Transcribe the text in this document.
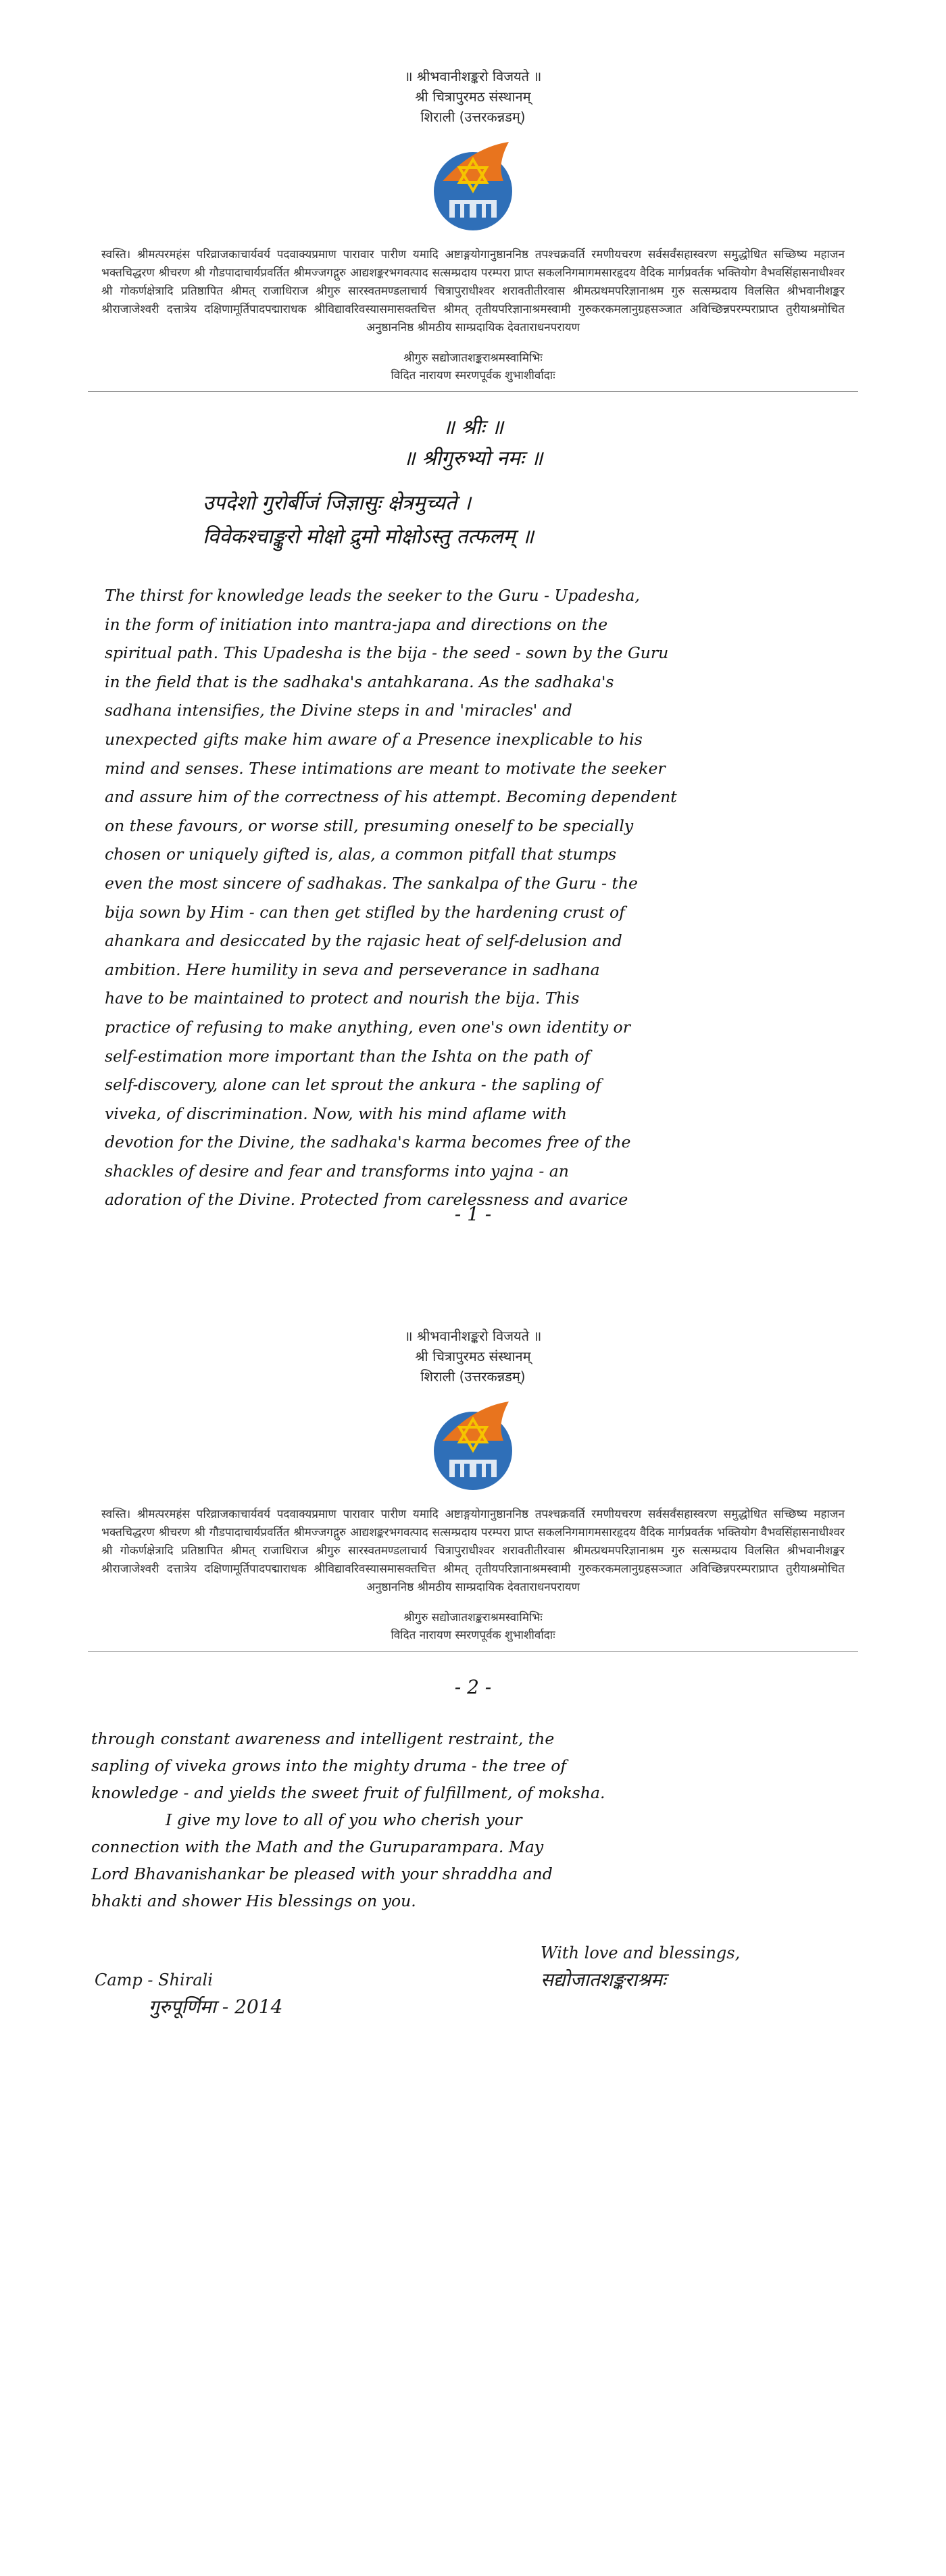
॥ श्रीभवानीशङ्करो विजयते ॥
श्री चित्रापुरमठ संस्थानम्
शिराली (उत्तरकन्नडम्)
स्वस्ति। श्रीमत्परमहंस परिव्राजकाचार्यवर्य पदवाक्यप्रमाण पारावार पारीण यमादि अष्टाङ्गयोगानुष्ठाननिष्ठ तपश्चक्रवर्ति रमणीयचरण सर्वसर्वंसहास्वरण समुद्धोधित सच्छिष्य महाजन भक्तचिद्धरण श्रीचरण श्री गौडपादाचार्यप्रवर्तित श्रीमज्जगद्गुरु आद्यशङ्करभगवत्पाद सत्सम्प्रदाय परम्परा प्राप्त सकलनिगमागमसारहृदय वैदिक मार्गप्रवर्तक भक्तियोग वैभवसिंहासनाधीश्वर श्री गोकर्णक्षेत्रादि प्रतिष्ठापित श्रीमत् राजाधिराज श्रीगुरु सारस्वतमण्डलाचार्य चित्रापुराधीश्वर शरावतीतीरवास श्रीमत्प्रथमपरिज्ञानाश्रम गुरु सत्सम्प्रदाय विलसित श्रीभवानीशङ्कर श्रीराजाजेश्वरी दत्तात्रेय दक्षिणामूर्तिपादपद्माराधक श्रीविद्यावरिवस्यासमासक्तचित्त श्रीमत् तृतीयपरिज्ञानाश्रमस्वामी गुरुकरकमलानुग्रहसञ्जात अविच्छिन्नपरम्पराप्राप्त तुरीयाश्रमोचित अनुष्ठाननिष्ठ श्रीमठीय साम्प्रदायिक देवताराधनपरायण
श्रीगुरु सद्योजातशङ्कराश्रमस्वामिभिः
विदित नारायण स्मरणपूर्वक शुभाशीर्वादाः
॥ श्रीः ॥
॥ श्रीगुरुभ्यो नमः ॥
उपदेशो गुरोर्बीजं जिज्ञासुः क्षेत्रमुच्यते ।
विवेकश्चाङ्कुरो मोक्षो द्रुमो मोक्षोऽस्तु तत्फलम् ॥
The thirst for knowledge leads the seeker to the Guru - Upadesha,
in the form of initiation into mantra-japa and directions on the
spiritual path. This Upadesha is the bija - the seed - sown by the Guru
in the field that is the sadhaka's antahkarana. As the sadhaka's
sadhana intensifies, the Divine steps in and 'miracles' and
unexpected gifts make him aware of a Presence inexplicable to his
mind and senses. These intimations are meant to motivate the seeker
and assure him of the correctness of his attempt. Becoming dependent
on these favours, or worse still, presuming oneself to be specially
chosen or uniquely gifted is, alas, a common pitfall that stumps
even the most sincere of sadhakas. The sankalpa of the Guru - the
bija sown by Him - can then get stifled by the hardening crust of
ahankara and desiccated by the rajasic heat of self-delusion and
ambition. Here humility in seva and perseverance in sadhana
have to be maintained to protect and nourish the bija. This
practice of refusing to make anything, even one's own identity or
self-estimation more important than the Ishta on the path of
self-discovery, alone can let sprout the ankura - the sapling of
viveka, of discrimination. Now, with his mind aflame with
devotion for the Divine, the sadhaka's karma becomes free of the
shackles of desire and fear and transforms into yajna - an
adoration of the Divine. Protected from carelessness and avarice
- 1 -
॥ श्रीभवानीशङ्करो विजयते ॥
श्री चित्रापुरमठ संस्थानम्
शिराली (उत्तरकन्नडम्)
स्वस्ति। श्रीमत्परमहंस परिव्राजकाचार्यवर्य पदवाक्यप्रमाण पारावार पारीण यमादि अष्टाङ्गयोगानुष्ठाननिष्ठ तपश्चक्रवर्ति रमणीयचरण सर्वसर्वंसहास्वरण समुद्धोधित सच्छिष्य महाजन भक्तचिद्धरण श्रीचरण श्री गौडपादाचार्यप्रवर्तित श्रीमज्जगद्गुरु आद्यशङ्करभगवत्पाद सत्सम्प्रदाय परम्परा प्राप्त सकलनिगमागमसारहृदय वैदिक मार्गप्रवर्तक भक्तियोग वैभवसिंहासनाधीश्वर श्री गोकर्णक्षेत्रादि प्रतिष्ठापित श्रीमत् राजाधिराज श्रीगुरु सारस्वतमण्डलाचार्य चित्रापुराधीश्वर शरावतीतीरवास श्रीमत्प्रथमपरिज्ञानाश्रम गुरु सत्सम्प्रदाय विलसित श्रीभवानीशङ्कर श्रीराजाजेश्वरी दत्तात्रेय दक्षिणामूर्तिपादपद्माराधक श्रीविद्यावरिवस्यासमासक्तचित्त श्रीमत् तृतीयपरिज्ञानाश्रमस्वामी गुरुकरकमलानुग्रहसञ्जात अविच्छिन्नपरम्पराप्राप्त तुरीयाश्रमोचित अनुष्ठाननिष्ठ श्रीमठीय साम्प्रदायिक देवताराधनपरायण
श्रीगुरु सद्योजातशङ्कराश्रमस्वामिभिः
विदित नारायण स्मरणपूर्वक शुभाशीर्वादाः
- 2 -
through constant awareness and intelligent restraint, the
sapling of viveka grows into the mighty druma - the tree of
knowledge - and yields the sweet fruit of fulfillment, of moksha.
I give my love to all of you who cherish your
connection with the Math and the Guruparampara. May
Lord Bhavanishankar be pleased with your shraddha and
bhakti and shower His blessings on you.
With love and blessings,
सद्योजातशङ्कराश्रमः
Camp - Shirali
गुरुपूर्णिमा - 2014
